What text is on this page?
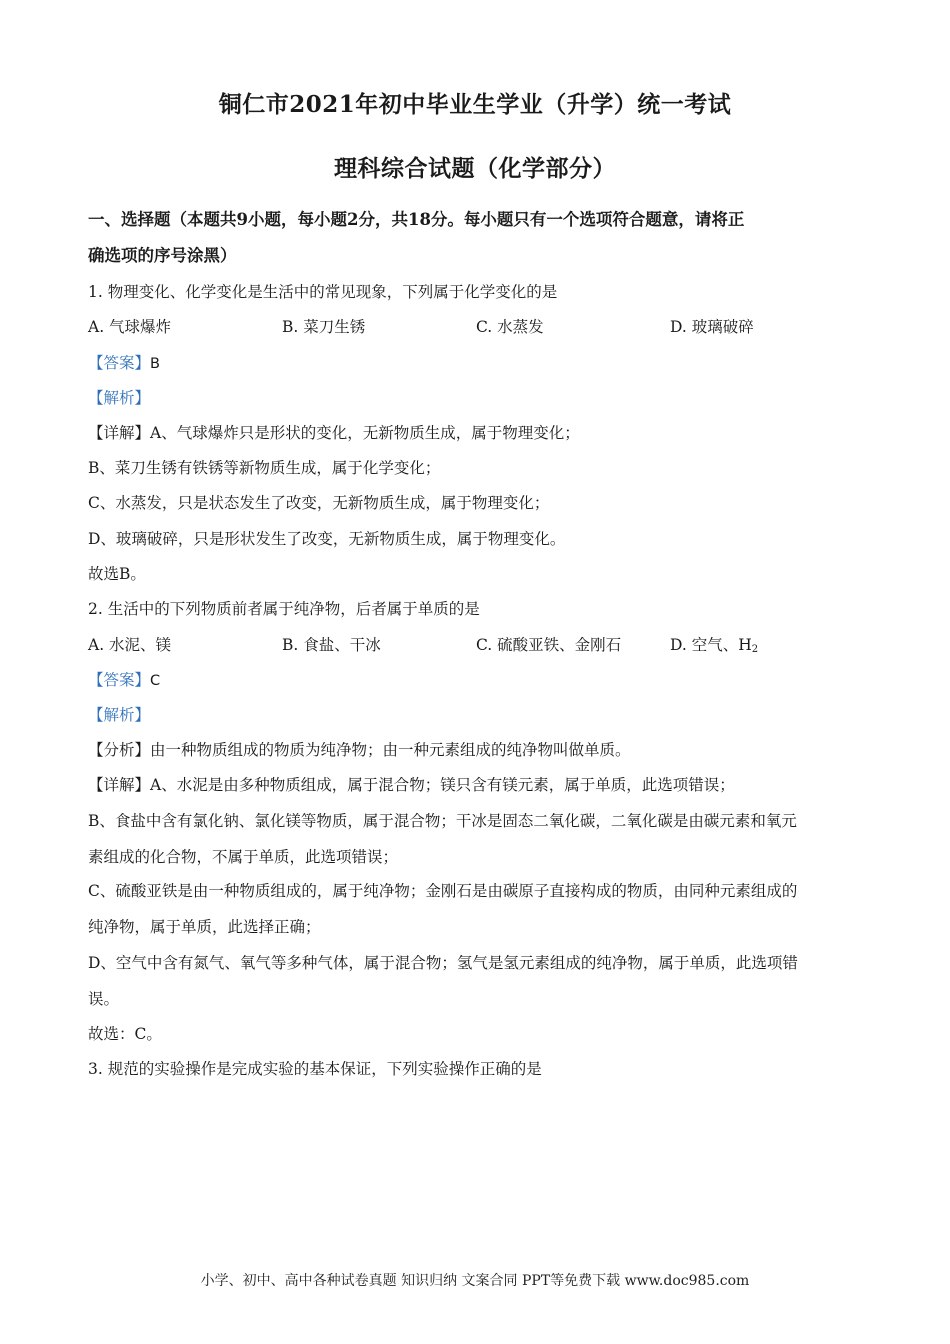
铜仁市2021年初中毕业生学业（升学）统一考试
理科综合试题（化学部分）
一、选择题（本题共9小题，每小题2分，共18分。每小题只有一个选项符合题意，请将正
确选项的序号涂黑）
1. 物理变化、化学变化是生活中的常见现象，下列属于化学变化的是
A. 气球爆炸	B. 菜刀生锈	C. 水蒸发	D. 玻璃破碎
【答案】B
【解析】
【详解】A、气球爆炸只是形状的变化，无新物质生成，属于物理变化；
B、菜刀生锈有铁锈等新物质生成，属于化学变化；
C、水蒸发，只是状态发生了改变，无新物质生成，属于物理变化；
D、玻璃破碎，只是形状发生了改变，无新物质生成，属于物理变化。
故选B。
2. 生活中的下列物质前者属于纯净物，后者属于单质的是
A. 水泥、镁	B. 食盐、干冰	C. 硫酸亚铁、金刚石	D. 空气、$H_2$
【答案】C
【解析】
【分析】由一种物质组成的物质为纯净物；由一种元素组成的纯净物叫做单质。
【详解】A、水泥是由多种物质组成，属于混合物；镁只含有镁元素，属于单质，此选项错误；
B、食盐中含有氯化钠、氯化镁等物质，属于混合物；干冰是固态二氧化碳，二氧化碳是由碳元素和氧元
素组成的化合物，不属于单质，此选项错误；
C、硫酸亚铁是由一种物质组成的，属于纯净物；金刚石是由碳原子直接构成的物质，由同种元素组成的
纯净物，属于单质，此选择正确；
D、空气中含有氮气、氧气等多种气体，属于混合物；氢气是氢元素组成的纯净物，属于单质，此选项错
误。
故选：C。
3. 规范的实验操作是完成实验的基本保证，下列实验操作正确的是
小学、初中、高中各种试卷真题 知识归纳 文案合同 PPT等免费下载 www.doc985.com
